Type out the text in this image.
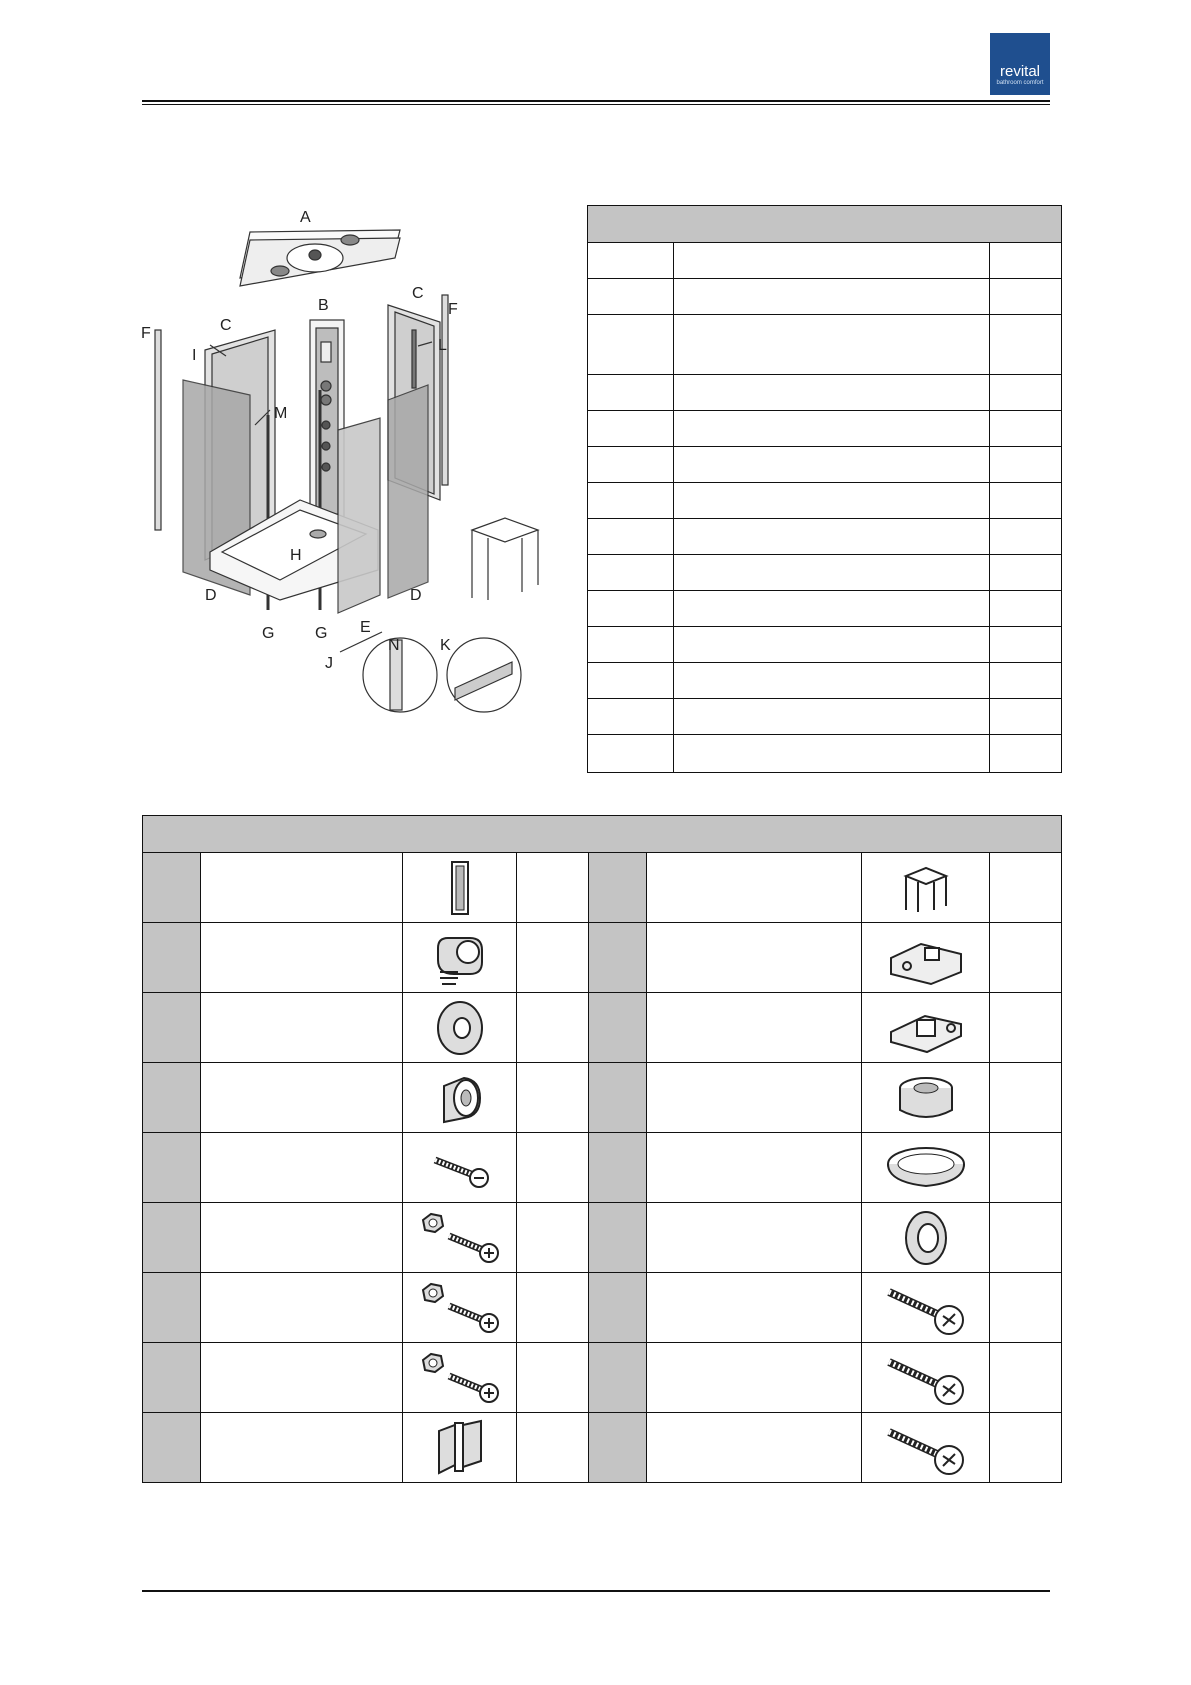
revital
bathroom comfort
A
B
C
C
D	D
E
F
F
G	G
H
I
J
K
L
M
N
